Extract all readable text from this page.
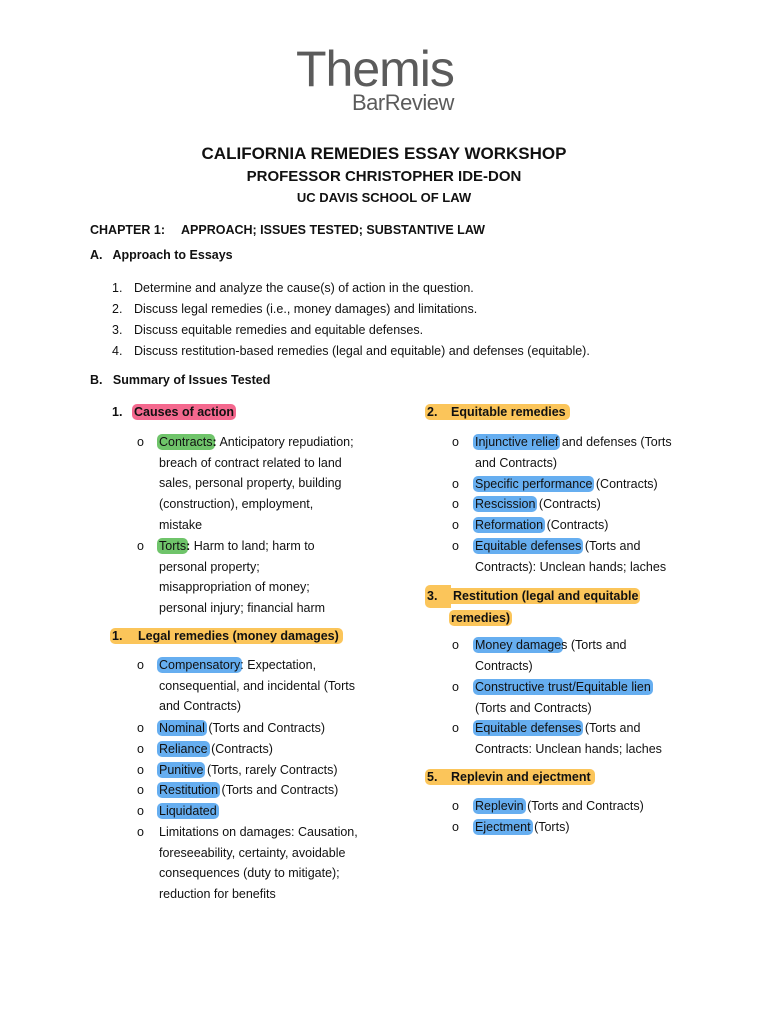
Themis
BarReview
CALIFORNIA REMEDIES ESSAY WORKSHOP
PROFESSOR CHRISTOPHER IDE-DON
UC DAVIS SCHOOL OF LAW
CHAPTER 1: APPROACH; ISSUES TESTED; SUBSTANTIVE LAW
A.   Approach to Essays
1. Determine and analyze the cause(s) of action in the question.
2. Discuss legal remedies (i.e., money damages) and limitations.
3. Discuss equitable remedies and equitable defenses.
4. Discuss restitution-based remedies (legal and equitable) and defenses (equitable).
B.   Summary of Issues Tested
1. Causes of action
o Contracts: Anticipatory repudiation;
breach of contract related to land
sales, personal property, building
(construction), employment,
mistake
o Torts: Harm to land; harm to
personal property;
misappropriation of money;
personal injury; financial harm
1. Legal remedies (money damages)
o Compensatory: Expectation,
consequential, and incidental (Torts
and Contracts)
o Nominal (Torts and Contracts)
o Reliance (Contracts)
o Punitive (Torts, rarely Contracts)
o Restitution (Torts and Contracts)
o Liquidated
o Limitations on damages: Causation,
foreseeability, certainty, avoidable
consequences (duty to mitigate);
reduction for benefits
2. Equitable remedies
o Injunctive relief and defenses (Torts
and Contracts)
o Specific performance (Contracts)
o Rescission (Contracts)
o Reformation (Contracts)
o Equitable defenses (Torts and
Contracts): Unclean hands; laches
3. Restitution (legal and equitable
remedies)
o Money damages (Torts and
Contracts)
o Constructive trust/Equitable lien
(Torts and Contracts)
o Equitable defenses (Torts and
Contracts: Unclean hands; laches
5. Replevin and ejectment
o Replevin (Torts and Contracts)
o Ejectment (Torts)
